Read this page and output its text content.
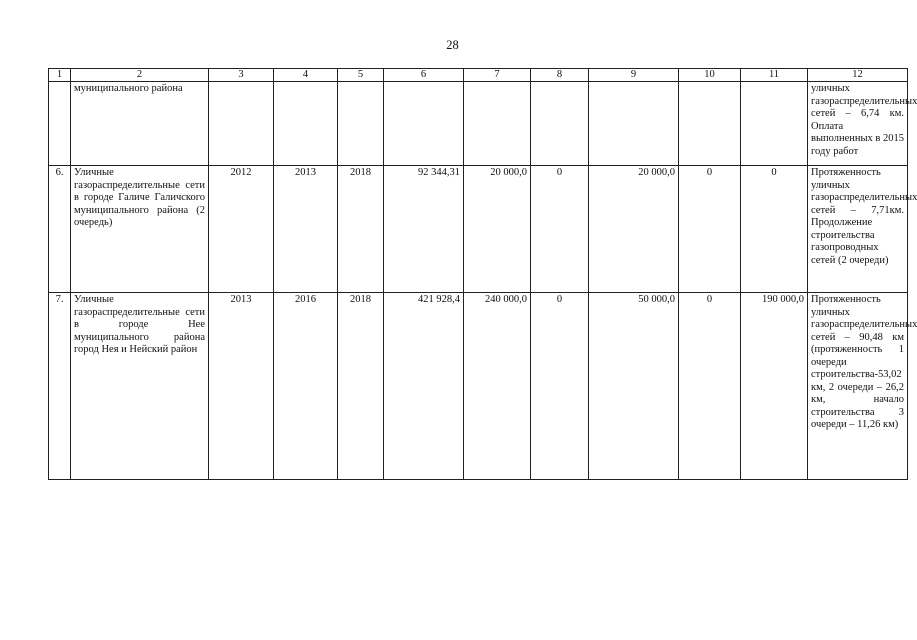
28
1	2	3	4	5	6	7	8	9	10	11	12
	муниципального района										уличных газораспределительных сетей – 6,74 км. Оплата выполненных в 2015 году работ
6.	Уличные газораспределительные сети в городе Галиче Галичского муниципального района (2 очередь)	2012	2013	2018	92 344,31	20 000,0	0	20 000,0	0	0	Протяженность уличных газораспределительных сетей – 7,71км. Продолжение строительства газопроводных сетей (2 очереди)
7.	Уличные газораспределительные сети в городе Нее муниципального района город Нея и Нейский район	2013	2016	2018	421 928,4	240 000,0	0	50 000,0	0	190 000,0	Протяженность уличных газораспределительных сетей – 90,48 км (протяженность 1 очереди строительства-53,02 км, 2 очереди – 26,2 км, начало строительства 3 очереди – 11,26 км)
